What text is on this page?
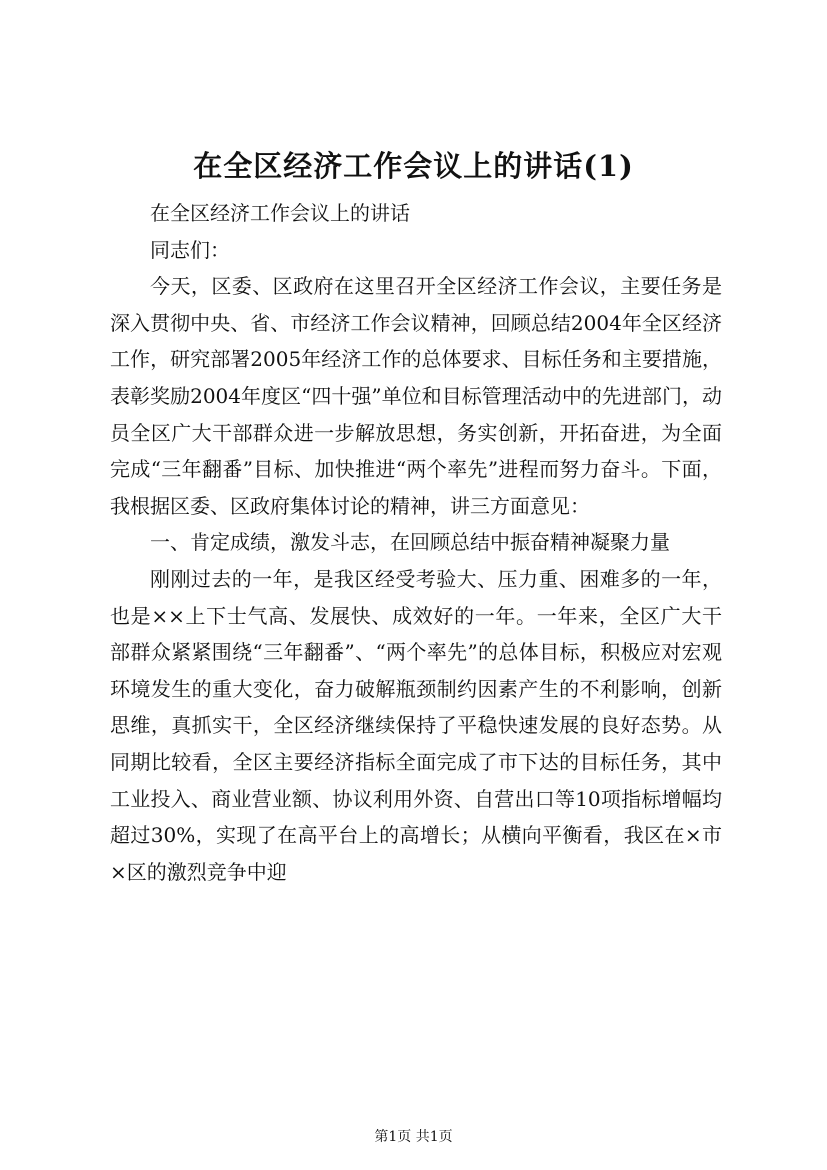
在全区经济工作会议上的讲话(1)

在全区经济工作会议上的讲话

同志们：

今天，区委、区政府在这里召开全区经济工作会议，主要任务是深入贯彻中央、省、市经济工作会议精神，回顾总结2004年全区经济工作，研究部署2005年经济工作的总体要求、目标任务和主要措施，表彰奖励2004年度区“四十强”单位和目标管理活动中的先进部门，动员全区广大干部群众进一步解放思想，务实创新，开拓奋进，为全面完成“三年翻番”目标、加快推进“两个率先”进程而努力奋斗。下面，我根据区委、区政府集体讨论的精神，讲三方面意见：

一、肯定成绩，激发斗志，在回顾总结中振奋精神凝聚力量

刚刚过去的一年，是我区经受考验大、压力重、困难多的一年，也是××上下士气高、发展快、成效好的一年。一年来，全区广大干部群众紧紧围绕“三年翻番”、“两个率先”的总体目标，积极应对宏观环境发生的重大变化，奋力破解瓶颈制约因素产生的不利影响，创新思维，真抓实干，全区经济继续保持了平稳快速发展的良好态势。从同期比较看，全区主要经济指标全面完成了市下达的目标任务，其中工业投入、商业营业额、协议利用外资、自营出口等10项指标增幅均超过30%，实现了在高平台上的高增长；从横向平衡看，我区在×市×区的激烈竞争中迎

第1页 共1页
